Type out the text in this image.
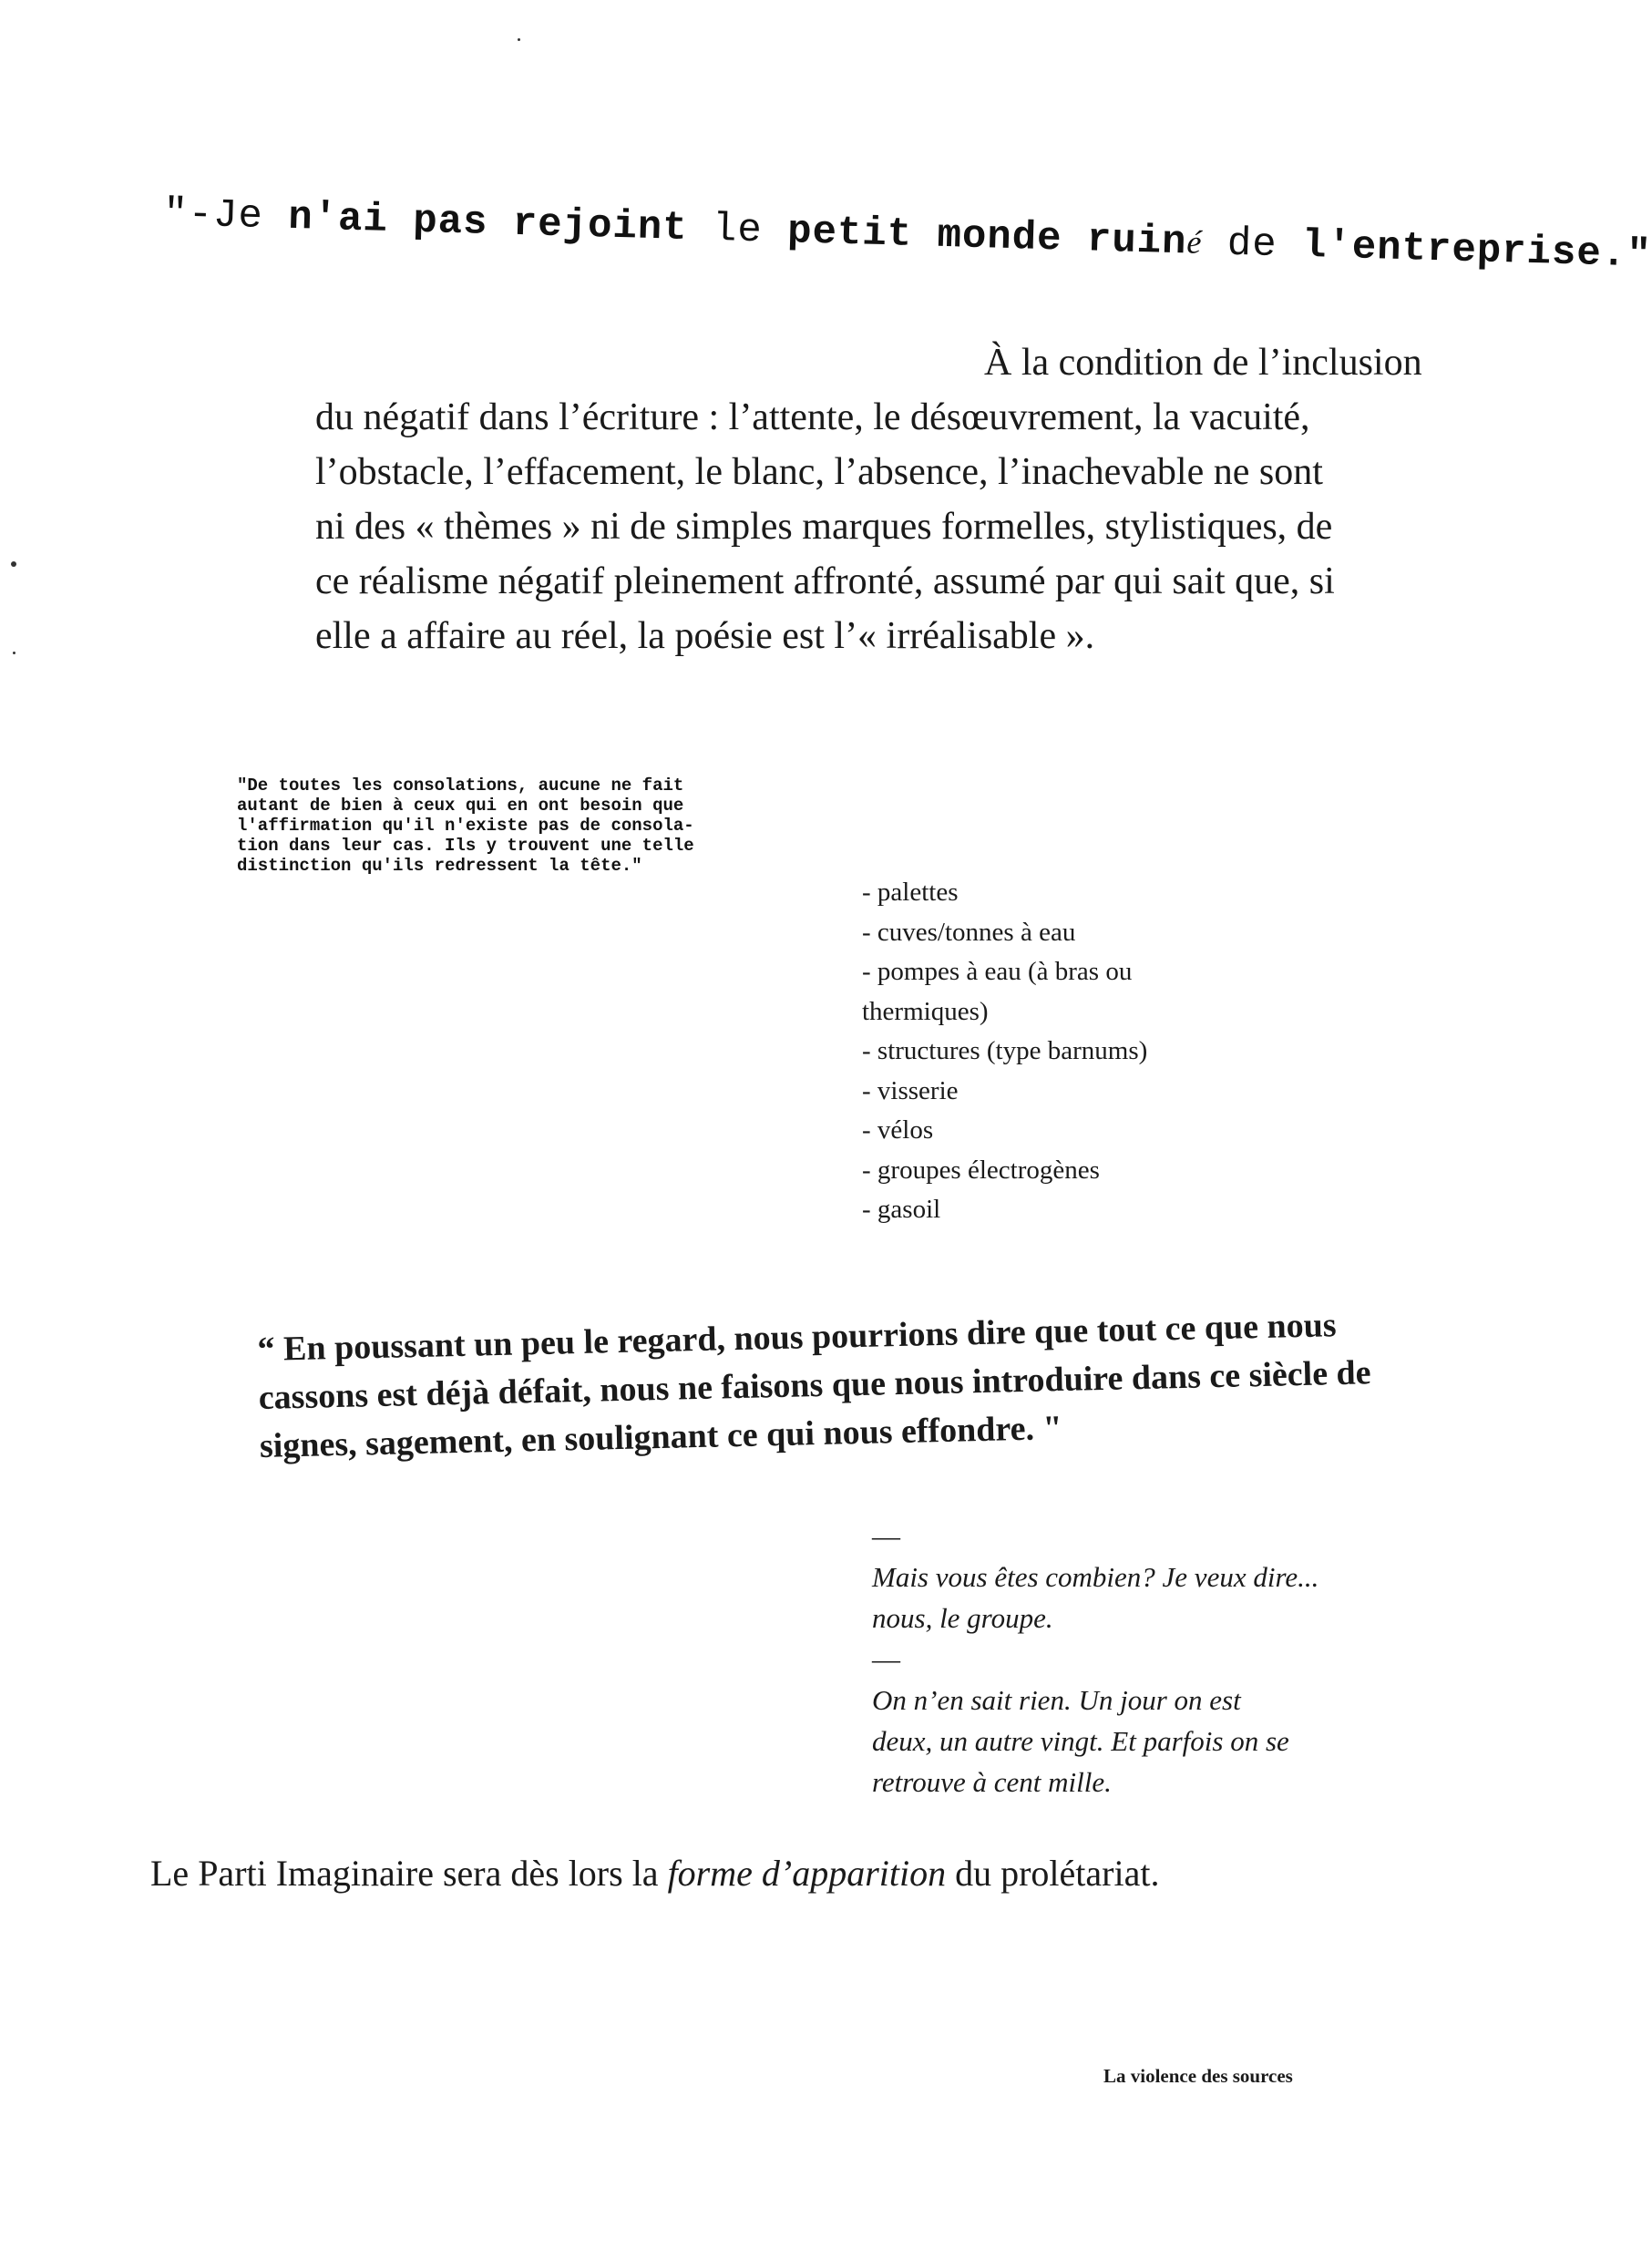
"-Je n'ai pas rejoint le petit monde ruiné de l'entreprise."
À la condition de l’inclusion
du négatif dans l’écriture : l’attente, le désœuvrement, la vacuité,
l’obstacle, l’effacement, le blanc, l’absence, l’inachevable ne sont
ni des « thèmes » ni de simples marques formelles, stylistiques, de
ce réalisme négatif pleinement affronté, assumé par qui sait que, si
elle a affaire au réel, la poésie est l’« irréalisable ».
"De toutes les consolations, aucune ne fait
autant de bien à ceux qui en ont besoin que
l'affirmation qu'il n'existe pas de consola-
tion dans leur cas. Ils y trouvent une telle
distinction qu'ils redressent la tête."
- palettes
- cuves/tonnes à eau
- pompes à eau (à bras ou
thermiques)
- structures (type barnums)
- visserie
- vélos
- groupes électrogènes
- gasoil
“ En poussant un peu le regard, nous pourrions dire que tout ce que nous
cassons est déjà défait, nous ne faisons que nous introduire dans ce siècle de
signes, sagement, en soulignant ce qui nous effondre. "
—
Mais vous êtes combien? Je veux dire...
nous, le groupe.
—
On n’en sait rien. Un jour on est
deux, un autre vingt. Et parfois on se
retrouve à cent mille.
Le Parti Imaginaire sera dès lors la forme d’apparition du prolétariat.
La violence des sources
